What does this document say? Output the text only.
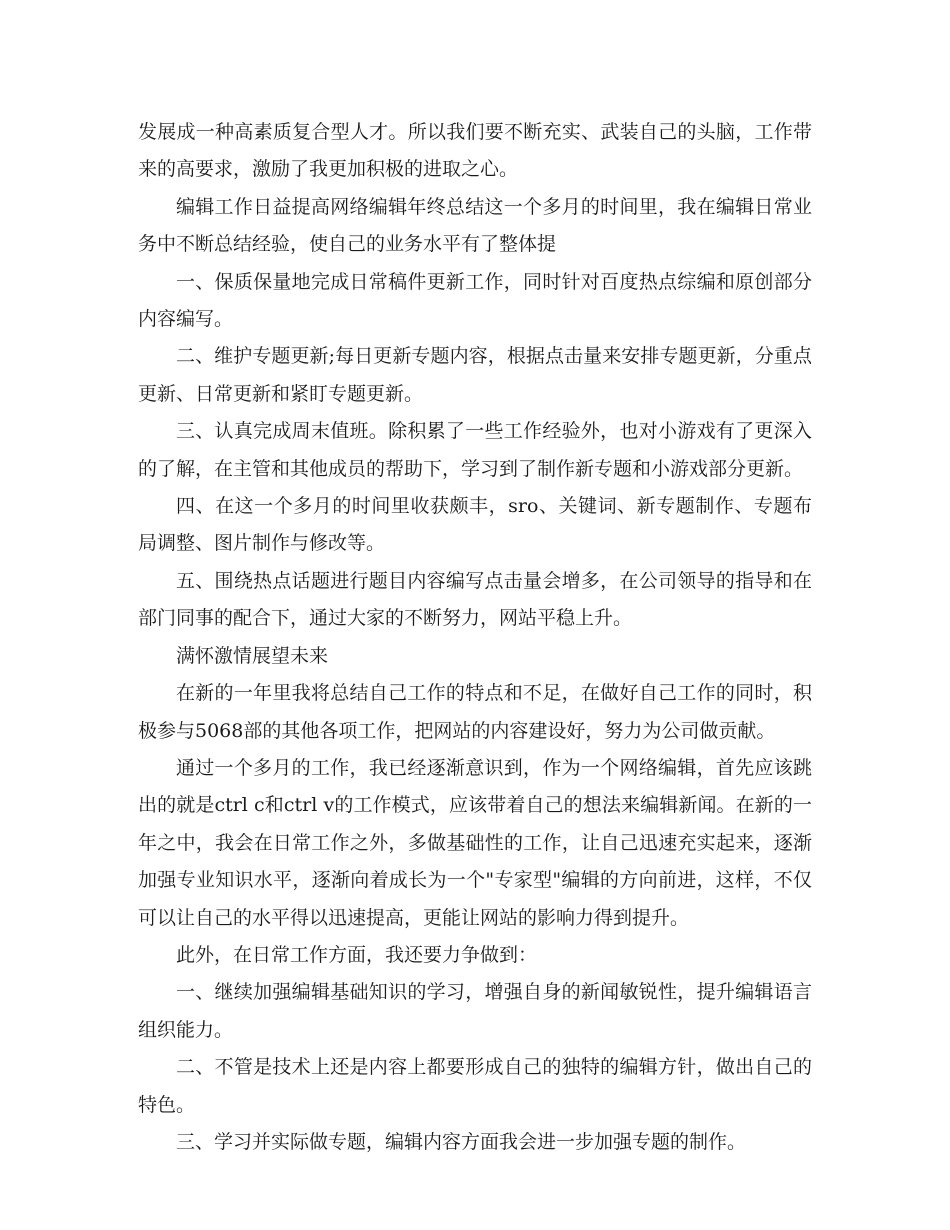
发展成一种高素质复合型人才。所以我们要不断充实、武装自己的头脑，工作带来的高要求，激励了我更加积极的进取之心。

编辑工作日益提高网络编辑年终总结这一个多月的时间里，我在编辑日常业务中不断总结经验，使自己的业务水平有了整体提

一、保质保量地完成日常稿件更新工作，同时针对百度热点综编和原创部分内容编写。

二、维护专题更新;每日更新专题内容，根据点击量来安排专题更新，分重点更新、日常更新和紧盯专题更新。

三、认真完成周末值班。除积累了一些工作经验外，也对小游戏有了更深入的了解，在主管和其他成员的帮助下，学习到了制作新专题和小游戏部分更新。

四、在这一个多月的时间里收获颇丰，sro、关键词、新专题制作、专题布局调整、图片制作与修改等。

五、围绕热点话题进行题目内容编写点击量会增多，在公司领导的指导和在部门同事的配合下，通过大家的不断努力，网站平稳上升。

满怀激情展望未来

在新的一年里我将总结自己工作的特点和不足，在做好自己工作的同时，积极参与5068部的其他各项工作，把网站的内容建设好，努力为公司做贡献。

通过一个多月的工作，我已经逐渐意识到，作为一个网络编辑，首先应该跳出的就是ctrl c和ctrl v的工作模式，应该带着自己的想法来编辑新闻。在新的一年之中，我会在日常工作之外，多做基础性的工作，让自己迅速充实起来，逐渐加强专业知识水平，逐渐向着成长为一个"专家型"编辑的方向前进，这样，不仅可以让自己的水平得以迅速提高，更能让网站的影响力得到提升。

此外，在日常工作方面，我还要力争做到：

一、继续加强编辑基础知识的学习，增强自身的新闻敏锐性，提升编辑语言组织能力。

二、不管是技术上还是内容上都要形成自己的独特的编辑方针，做出自己的特色。

三、学习并实际做专题，编辑内容方面我会进一步加强专题的制作。
